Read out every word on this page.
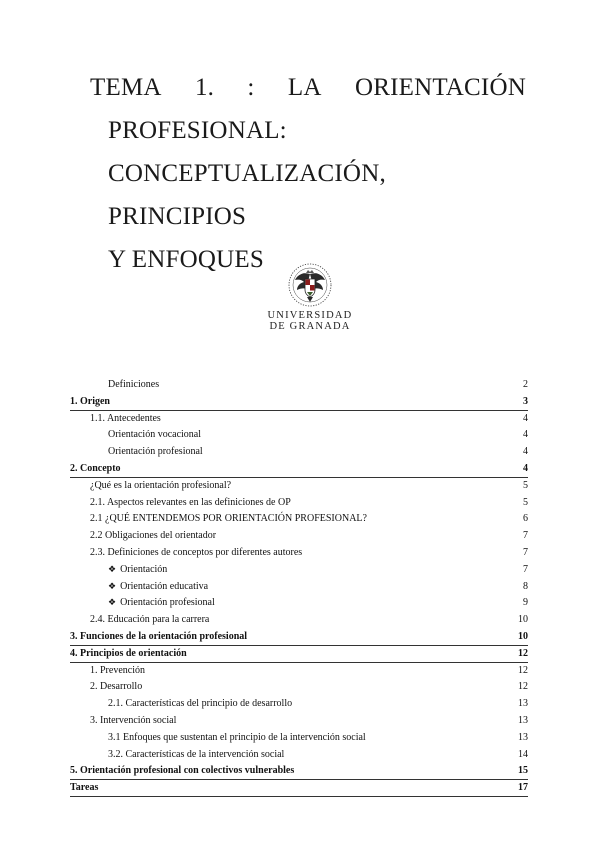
TEMA 1. : LA ORIENTACIÓN
PROFESIONAL:
CONCEPTUALIZACIÓN, PRINCIPIOS
Y ENFOQUES
UNIVERSIDAD
DE GRANADA
Definiciones	2
1. Origen	3
1.1. Antecedentes	4
Orientación vocacional	4
Orientación profesional	4
2. Concepto	4
¿Qué es la orientación profesional?	5
2.1. Aspectos relevantes en las definiciones de OP	5
2.1 ¿QUÉ ENTENDEMOS POR ORIENTACIÓN PROFESIONAL?	6
2.2 Obligaciones del orientador	7
2.3. Definiciones de conceptos por diferentes autores	7
❖ Orientación	7
❖ Orientación educativa	8
❖ Orientación profesional	9
2.4. Educación para la carrera	10
3. Funciones de la orientación profesional	10
4. Principios de orientación	12
1. Prevención	12
2. Desarrollo	12
2.1. Características del principio de desarrollo	13
3. Intervención social	13
3.1 Enfoques que sustentan el principio de la intervención social	13
3.2. Características de la intervención social	14
5. Orientación profesional con colectivos vulnerables	15
Tareas	17
